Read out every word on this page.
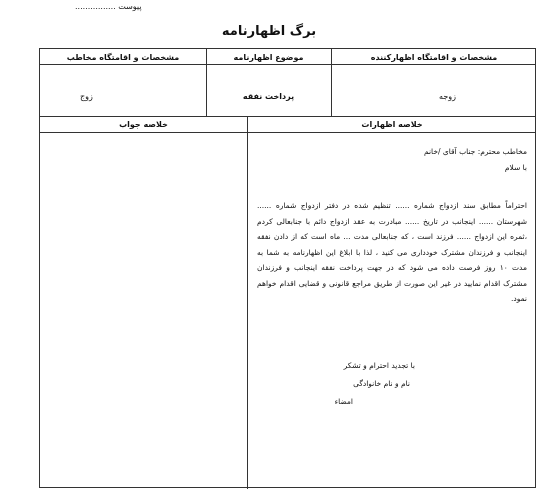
پیوست ................
برگ اظهارنامه
مشخصات و اقامتگاه اظهارکننده
موضوع اظهارنامه
مشخصات و اقامتگاه مخاطب
زوجه
پرداخت نفقه
زوج
خلاصه اظهارات
خلاصه جواب
مخاطب محترم: جناب آقای /خانم
با سلام
احتراماً مطابق سند ازدواج شماره ...... تنظیم شده در دفتر ازدواج شماره ...... شهرستان ...... اینجانب در تاریخ ...... مبادرت به عقد ازدواج دائم با جنابعالی کردم ،ثمره این ازدواج ...... فرزند است ، که جنابعالی مدت ... ماه است که از دادن نفقه اینجانب و فرزندان مشترک خودداری می کنید ، لذا با ابلاغ این اظهارنامه به شما به مدت ۱۰ روز فرصت داده می شود که در جهت پرداخت نفقه اینجانب و فرزندان مشترک اقدام نمایید در غیر این صورت از طریق مراجع قانونی و قضایی اقدام خواهم نمود.
با تجدید احترام و تشکر
نام و نام خانوادگی
امضاء
